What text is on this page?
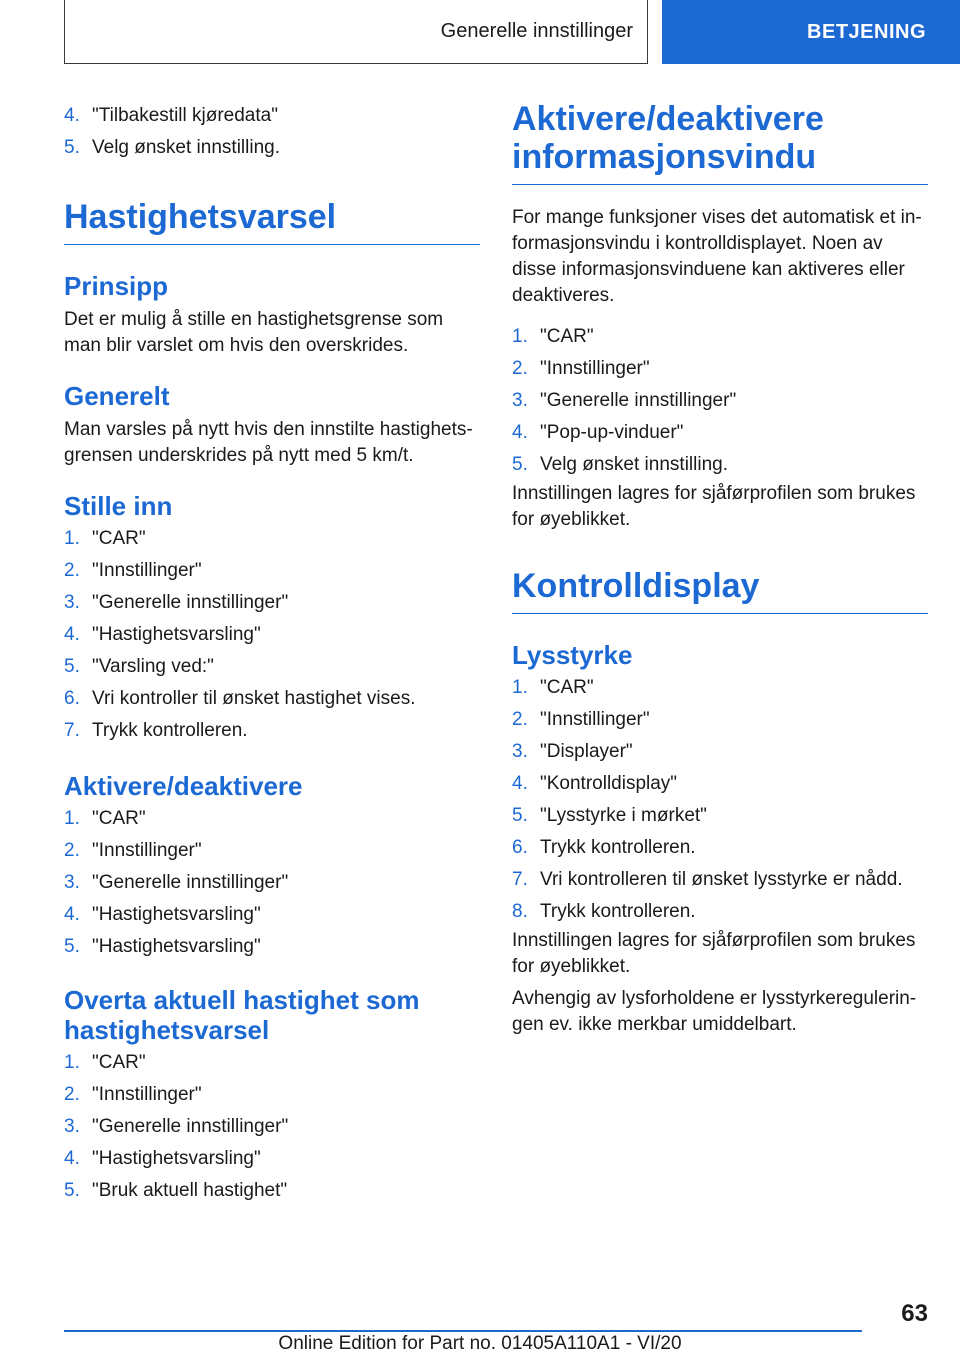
Generelle innstillinger	BETJENING
4. "Tilbakestill kjøredata"
5. Velg ønsket innstilling.
Hastighetsvarsel
Prinsipp

Det er mulig å stille en hastighetsgrense som man blir varslet om hvis den overskrides.

Generelt

Man varsles på nytt hvis den innstilte hastighets-grensen underskrides på nytt med 5 km/t.

Stille inn
1. "CAR"
2. "Innstillinger"
3. "Generelle innstillinger"
4. "Hastighetsvarsling"
5. "Varsling ved:"
6. Vri kontroller til ønsket hastighet vises.
7. Trykk kontrolleren.
Aktivere/deaktivere
1. "CAR"
2. "Innstillinger"
3. "Generelle innstillinger"
4. "Hastighetsvarsling"
5. "Hastighetsvarsling"
Overta aktuell hastighet som
hastighetsvarsel
1. "CAR"
2. "Innstillinger"
3. "Generelle innstillinger"
4. "Hastighetsvarsling"
5. "Bruk aktuell hastighet"
Aktivere/deaktivere
informasjonsvindu

For mange funksjoner vises det automatisk et in-formasjonsvindu i kontrolldisplayet. Noen av disse informasjonsvinduene kan aktiveres eller deaktiveres.

1. "CAR"
2. "Innstillinger"
3. "Generelle innstillinger"
4. "Pop-up-vinduer"
5. Velg ønsket innstilling.

Innstillingen lagres for sjåførprofilen som brukes for øyeblikket.

Kontrolldisplay
Lysstyrke
1. "CAR"
2. "Innstillinger"
3. "Displayer"
4. "Kontrolldisplay"
5. "Lysstyrke i mørket"
6. Trykk kontrolleren.
7. Vri kontrolleren til ønsket lysstyrke er nådd.
8. Trykk kontrolleren.

Innstillingen lagres for sjåførprofilen som brukes for øyeblikket.

Avhengig av lysforholdene er lysstyrkeregulerin-gen ev. ikke merkbar umiddelbart.

63
Online Edition for Part no. 01405A110A1 - VI/20
